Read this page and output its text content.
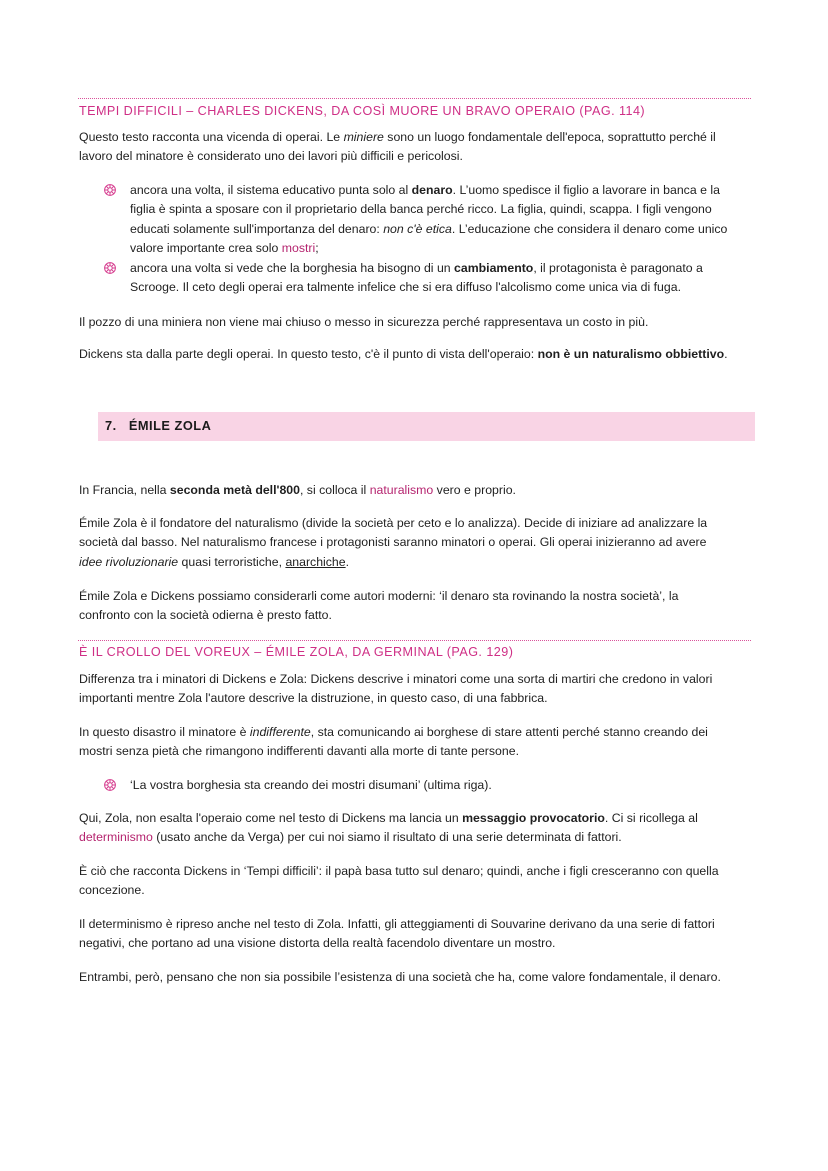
TEMPI DIFFICILI – CHARLES DICKENS, DA COSÌ MUORE UN BRAVO OPERAIO (PAG. 114)

Questo testo racconta una vicenda di operai. Le miniere sono un luogo fondamentale dell'epoca, soprattutto perché il
lavoro del minatore è considerato uno dei lavori più difficili e pericolosi.

ancora una volta, il sistema educativo punta solo al denaro. L’uomo spedisce il figlio a lavorare in banca e la
figlia è spinta a sposare con il proprietario della banca perché ricco. La figlia, quindi, scappa. I figli vengono
educati solamente sull'importanza del denaro: non c'è etica. L’educazione che considera il denaro come unico
valore importante crea solo mostri;
ancora una volta si vede che la borghesia ha bisogno di un cambiamento, il protagonista è paragonato a
Scrooge. Il ceto degli operai era talmente infelice che si era diffuso l'alcolismo come unica via di fuga.

Il pozzo di una miniera non viene mai chiuso o messo in sicurezza perché rappresentava un costo in più.

Dickens sta dalla parte degli operai. In questo testo, c'è il punto di vista dell'operaio: non è un naturalismo obbiettivo.

7. ÉMILE ZOLA

In Francia, nella seconda metà dell'800, si colloca il naturalismo vero e proprio.

Émile Zola è il fondatore del naturalismo (divide la società per ceto e lo analizza). Decide di iniziare ad analizzare la
società dal basso. Nel naturalismo francese i protagonisti saranno minatori o operai. Gli operai inizieranno ad avere
idee rivoluzionarie quasi terroristiche, anarchiche.

Émile Zola e Dickens possiamo considerarli come autori moderni: ‘il denaro sta rovinando la nostra società’, la
confronto con la società odierna è presto fatto.

È IL CROLLO DEL VOREUX – ÉMILE ZOLA, DA GERMINAL (PAG. 129)

Differenza tra i minatori di Dickens e Zola: Dickens descrive i minatori come una sorta di martiri che credono in valori
importanti mentre Zola l'autore descrive la distruzione, in questo caso, di una fabbrica.

In questo disastro il minatore è indifferente, sta comunicando ai borghese di stare attenti perché stanno creando dei
mostri senza pietà che rimangono indifferenti davanti alla morte di tante persone.

‘La vostra borghesia sta creando dei mostri disumani’ (ultima riga).

Qui, Zola, non esalta l'operaio come nel testo di Dickens ma lancia un messaggio provocatorio. Ci si ricollega al
determinismo (usato anche da Verga) per cui noi siamo il risultato di una serie determinata di fattori.

È ciò che racconta Dickens in ‘Tempi difficili’: il papà basa tutto sul denaro; quindi, anche i figli cresceranno con quella
concezione.

Il determinismo è ripreso anche nel testo di Zola. Infatti, gli atteggiamenti di Souvarine derivano da una serie di fattori
negativi, che portano ad una visione distorta della realtà facendolo diventare un mostro.

Entrambi, però, pensano che non sia possibile l’esistenza di una società che ha, come valore fondamentale, il denaro.
